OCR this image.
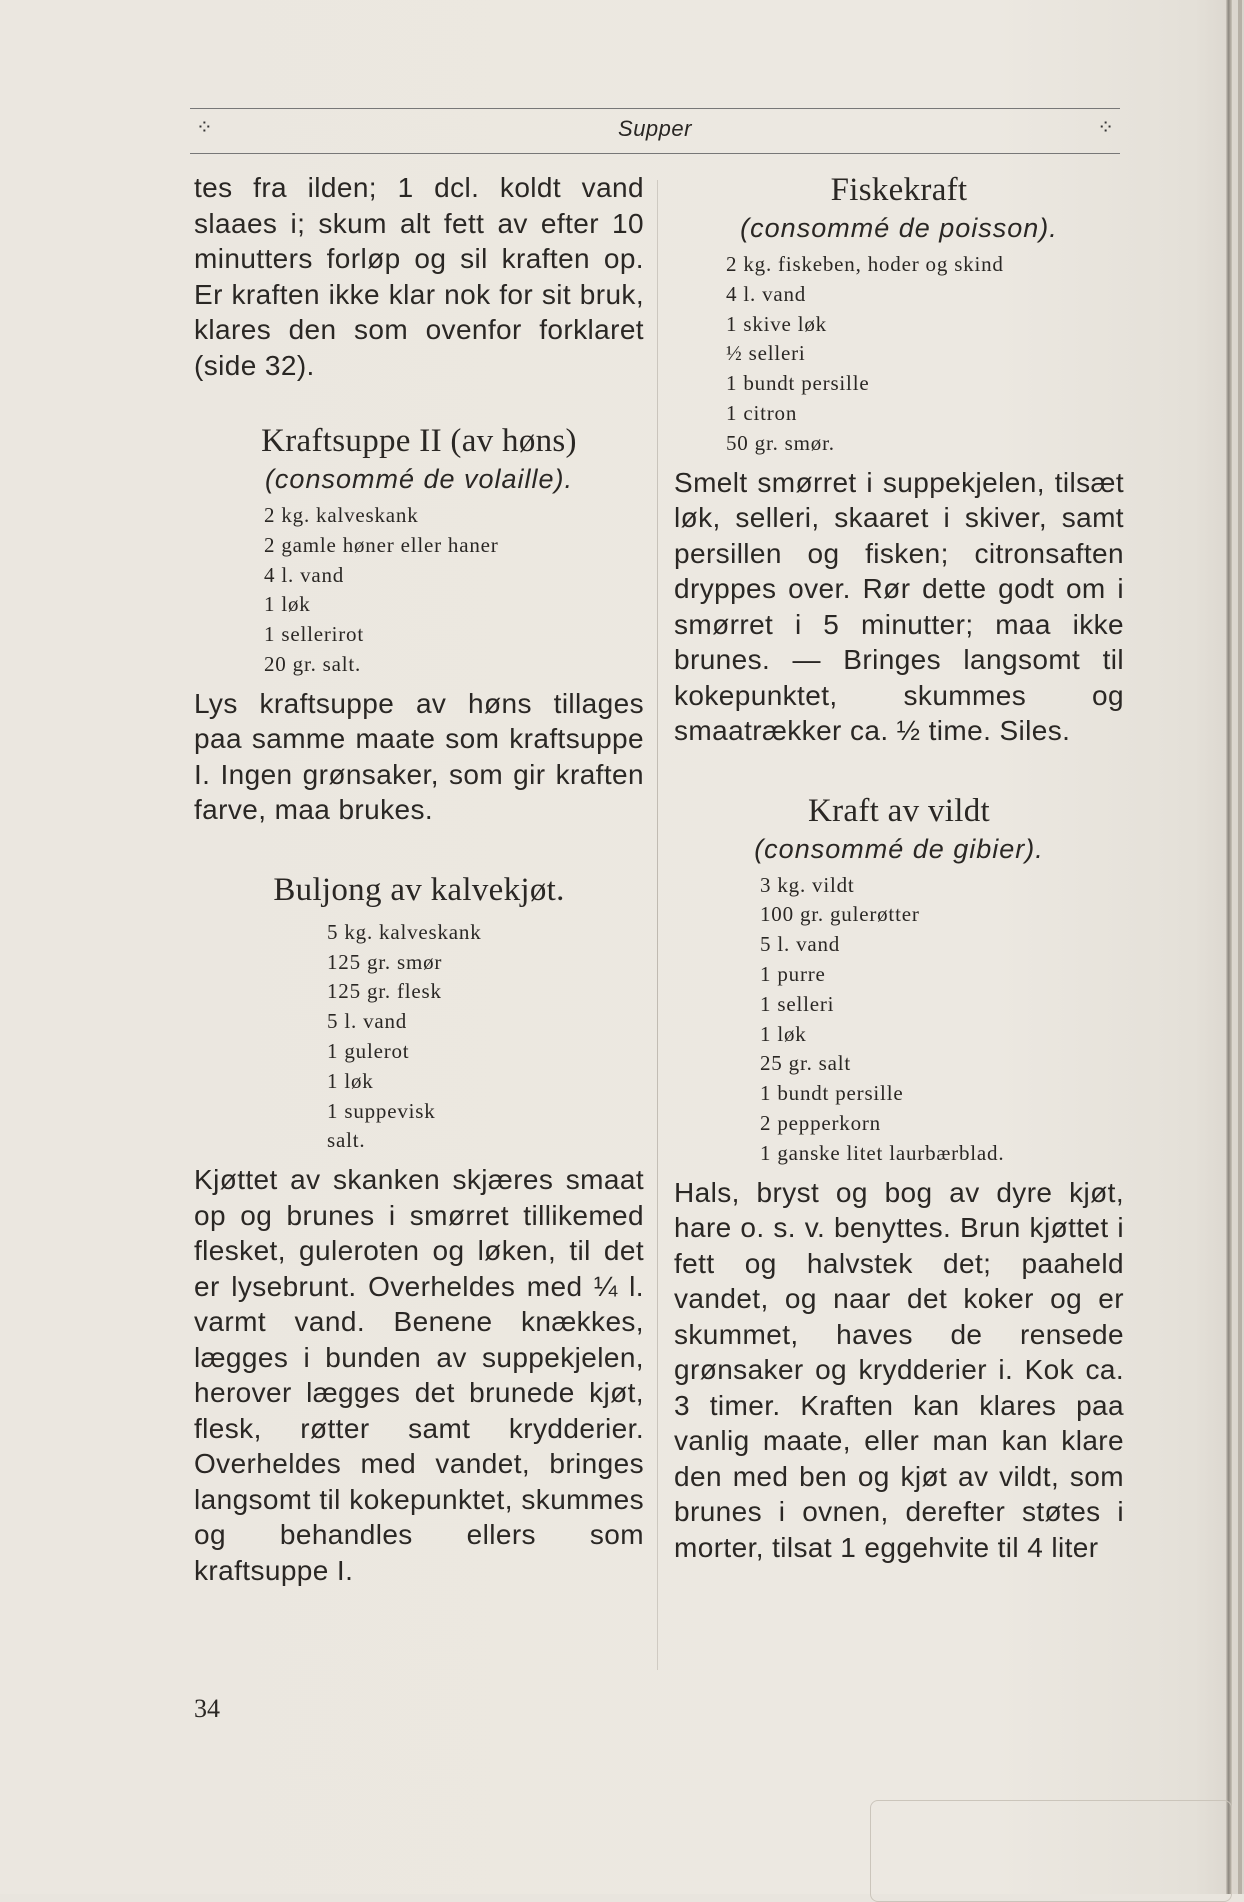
⁘	Supper	⁘

tes fra ilden; 1 dcl. koldt vand slaaes i; skum alt fett av efter 10 minutters forløp og sil kraften op. Er kraften ikke klar nok for sit bruk, klares den som ovenfor forklaret (side 32).

Kraftsuppe II (av høns)

(consommé de volaille).

2 kg. kalveskank
2 gamle høner eller haner
4 l. vand
1 løk
1 sellerirot
20 gr. salt.

Lys kraftsuppe av høns tillages paa samme maate som kraftsuppe I. Ingen grønsaker, som gir kraften farve, maa brukes.

Buljong av kalvekjøt.
5 kg. kalveskank
125 gr. smør
125 gr. flesk
5 l. vand
1 gulerot
1 løk
1 suppevisk
salt.

Kjøttet av skanken skjæres smaat op og brunes i smørret tillikemed flesket, guleroten og løken, til det er lysebrunt. Overheldes med ¼ l. varmt vand. Benene knækkes, lægges i bunden av suppekjelen, herover lægges det brunede kjøt, flesk, røtter samt krydderier. Overheldes med vandet, bringes langsomt til kokepunktet, skummes og behandles ellers som kraftsuppe I.

Fiskekraft

(consommé de poisson).

2 kg. fiskeben, hoder og skind
4 l. vand
1 skive løk
½ selleri
1 bundt persille
1 citron
50 gr. smør.

Smelt smørret i suppekjelen, tilsæt løk, selleri, skaaret i skiver, samt persillen og fisken; citronsaften dryppes over. Rør dette godt om i smørret i 5 minutter; maa ikke brunes. — Bringes langsomt til kokepunktet, skummes og smaatrækker ca. ½ time. Siles.

Kraft av vildt

(consommé de gibier).

3 kg. vildt
100 gr. gulerøtter
5 l. vand
1 purre
1 selleri
1 løk
25 gr. salt
1 bundt persille
2 pepperkorn
1 ganske litet laurbærblad.

Hals, bryst og bog av dyre kjøt, hare o. s. v. benyttes. Brun kjøttet i fett og halvstek det; paaheld vandet, og naar det koker og er skummet, haves de rensede grønsaker og krydderier i. Kok ca. 3 timer. Kraften kan klares paa vanlig maate, eller man kan klare den med ben og kjøt av vildt, som brunes i ovnen, derefter støtes i morter, tilsat 1 eggehvite til 4 liter

34
